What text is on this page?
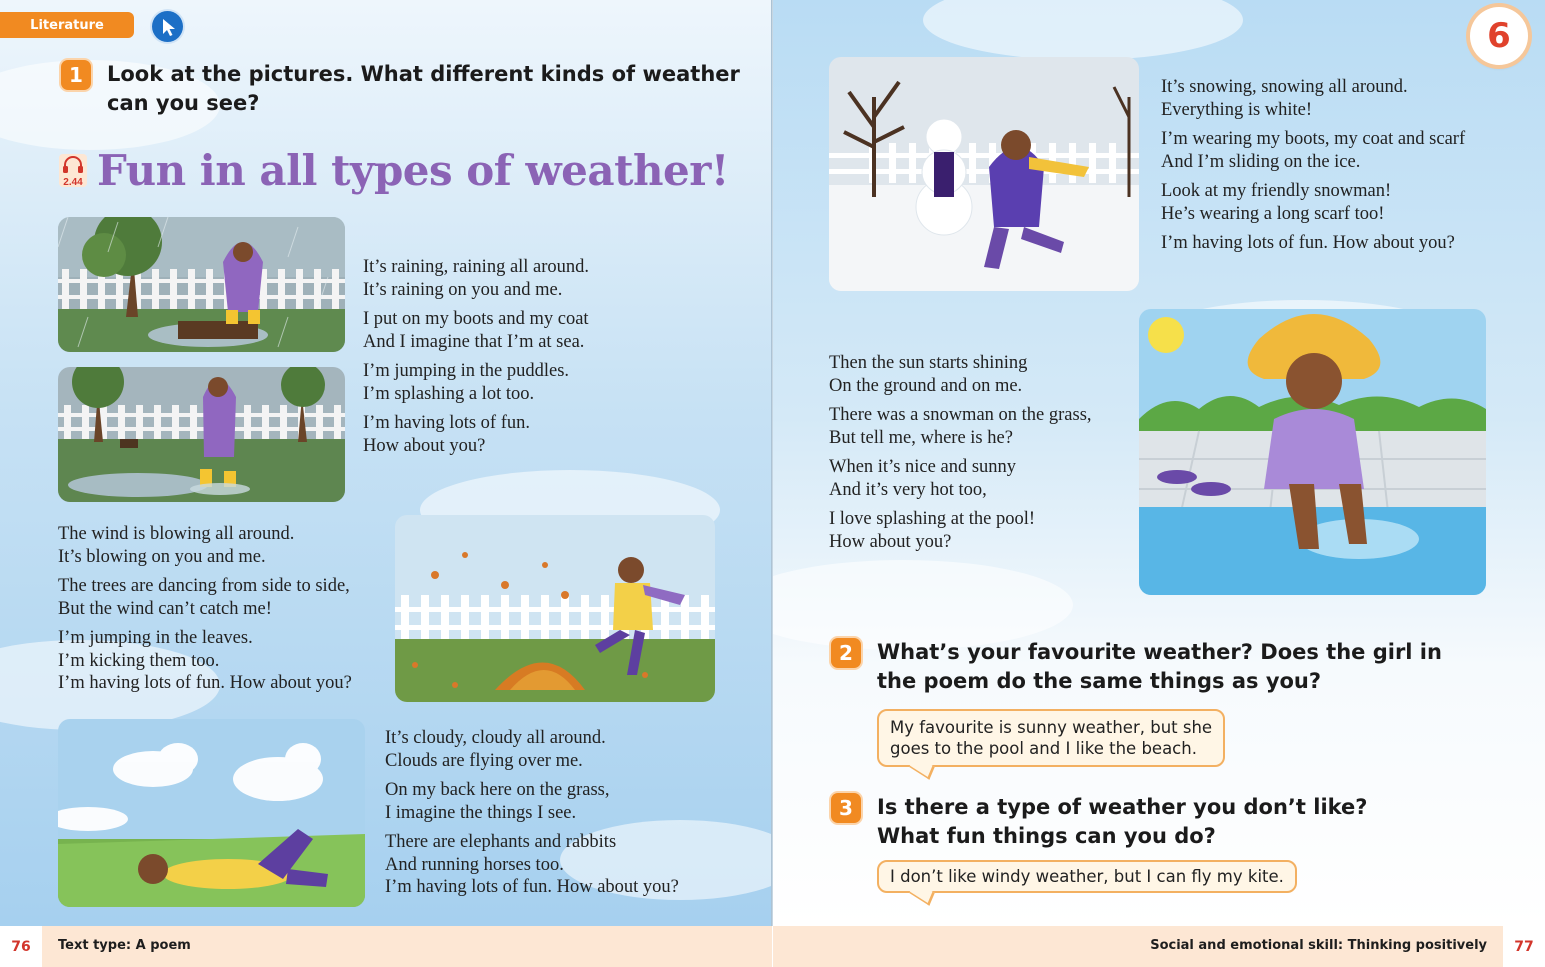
Literature
1	Look at the pictures. What different kinds of weather
can you see?
2.44 Fun in all types of weather!

It’s raining, raining all around.
It’s raining on you and me.

I put on my boots and my coat
And I imagine that I’m at sea.

I’m jumping in the puddles.
I’m splashing a lot too.

I’m having lots of fun.
How about you?

The wind is blowing all around.
It’s blowing on you and me.

The trees are dancing from side to side,
But the wind can’t catch me!

I’m jumping in the leaves.
I’m kicking them too.
I’m having lots of fun. How about you?

It’s cloudy, cloudy all around.
Clouds are flying over me.

On my back here on the grass,
I imagine the things I see.

There are elephants and rabbits
And running horses too.
I’m having lots of fun. How about you?

It’s snowing, snowing all around.
Everything is white!

I’m wearing my boots, my coat and scarf
And I’m sliding on the ice.

Look at my friendly snowman!
He’s wearing a long scarf too!

I’m having lots of fun. How about you?

Then the sun starts shining
On the ground and on me.

There was a snowman on the grass,
But tell me, where is he?

When it’s nice and sunny
And it’s very hot too,

I love splashing at the pool!
How about you?

2	What’s your favourite weather? Does the girl in
the poem do the same things as you?
My favourite is sunny weather, but she
goes to the pool and I like the beach.
3	Is there a type of weather you don’t like?
What fun things can you do?
I don’t like windy weather, but I can fly my kite.
6
76	Text type: A poem	Social and emotional skill: Thinking positively	77
